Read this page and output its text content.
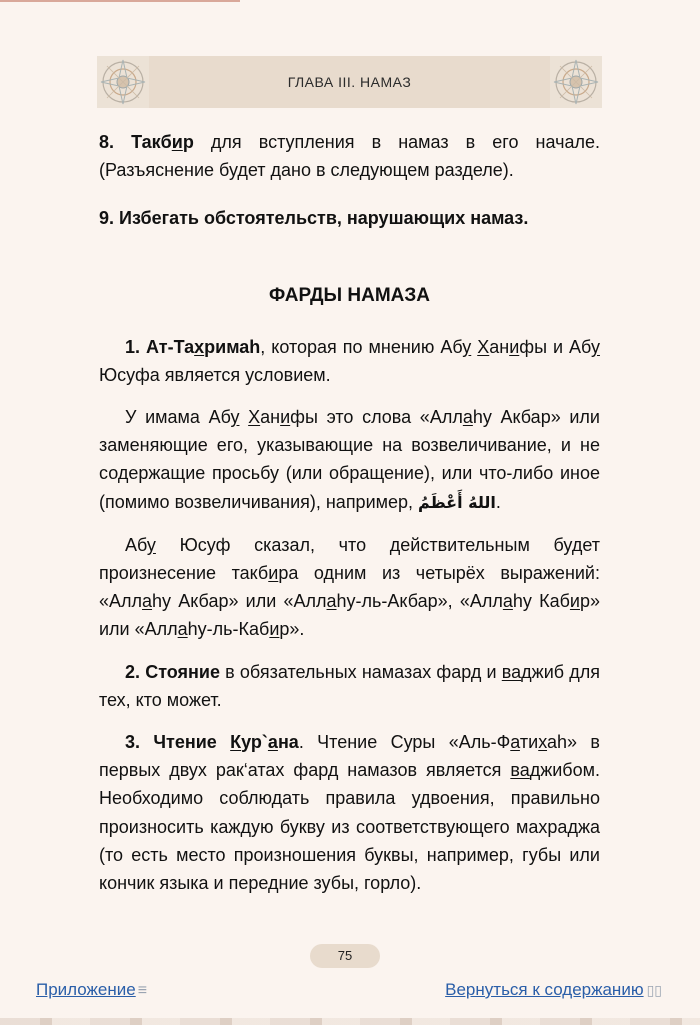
ГЛАВА III. НАМАЗ

8. Такбир для вступления в намаз в его начале. (Разъяснение будет дано в следующем разделе).

9. Избегать обстоятельств, нарушающих намаз.

ФАРДЫ НАМАЗА

1. Ат-Тахримаh, которая по мнению Абу Ханифы и Абу Юсуфа является условием.

У имама Абу Ханифы это слова «Аллаhу Акбар» или заменяющие его, указывающие на возвеличивание, и не содержащие просьбу (или обращение), или что-либо иное (помимо возвеличивания), например, اللهُ أَعْظَمُ.

Абу Юсуф сказал, что действительным будет произнесение такбира одним из четырёх выражений: «Аллаhу Акбар» или «Аллаhу-ль-Акбар», «Аллаhу Кабир» или «Аллаhу-ль-Кабир».

2. Стояние в обязательных намазах фард и ваджиб для тех, кто может.

3. Чтение Кур`ана. Чтение Суры «Аль-Фатихаh» в первых двух рак‘атах фард намазов является ваджибом. Необходимо соблюдать правила удвоения, правильно произносить каждую букву из соответствующего махраджа (то есть место произношения буквы, например, губы или кончик языка и передние зубы, горло).

75
Приложение ≡	Вернуться к содержанию ▯▯
